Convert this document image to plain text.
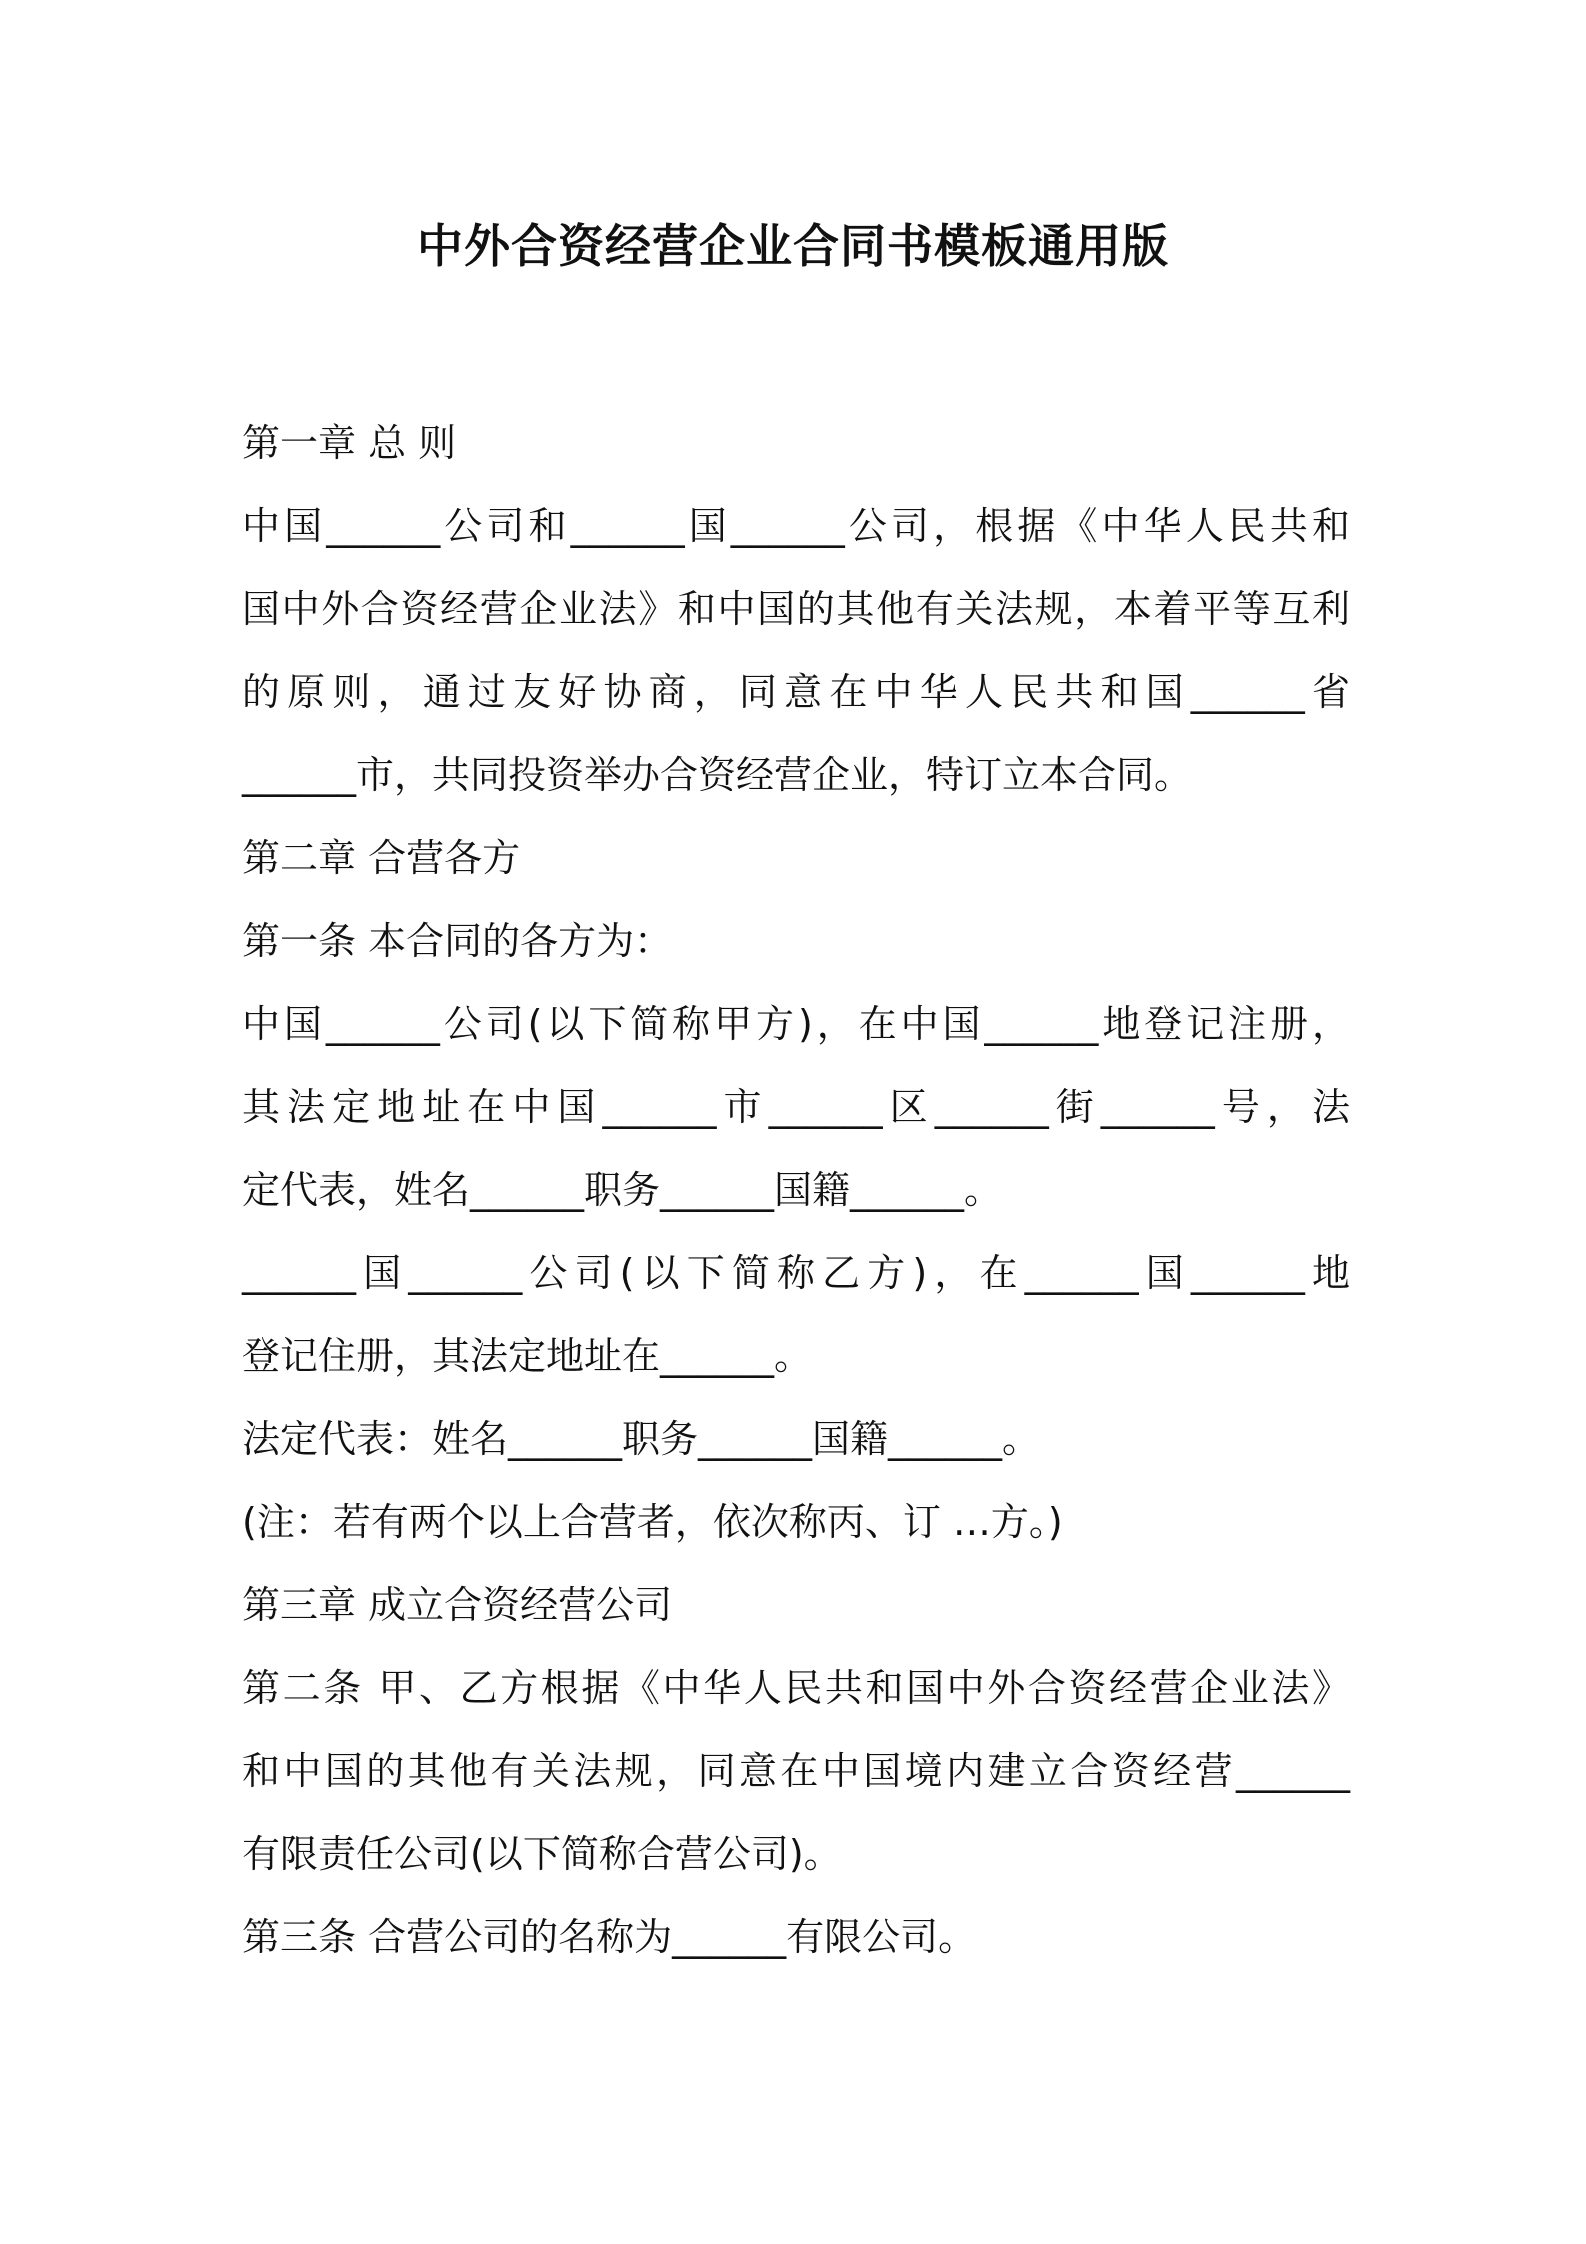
中外合资经营企业合同书模板通用版

第一章 总 则

中国______公司和______国______公司，根据《中华人民共和

国中外合资经营企业法》和中国的其他有关法规，本着平等互利

的原则，通过友好协商，同意在中华人民共和国______省

______市，共同投资举办合资经营企业，特订立本合同。

第二章 合营各方

第一条 本合同的各方为：

中国______公司(以下简称甲方)，在中国______地登记注册，

其法定地址在中国______市______区______街______号，法

定代表，姓名______职务______国籍______。

______国______公司(以下简称乙方)，在______国______地

登记住册，其法定地址在______。

法定代表：姓名______职务______国籍______。

(注：若有两个以上合营者，依次称丙、订 …方。)

第三章 成立合资经营公司

第二条 甲、乙方根据《中华人民共和国中外合资经营企业法》

和中国的其他有关法规，同意在中国境内建立合资经营______

有限责任公司(以下简称合营公司)。

第三条 合营公司的名称为______有限公司。
